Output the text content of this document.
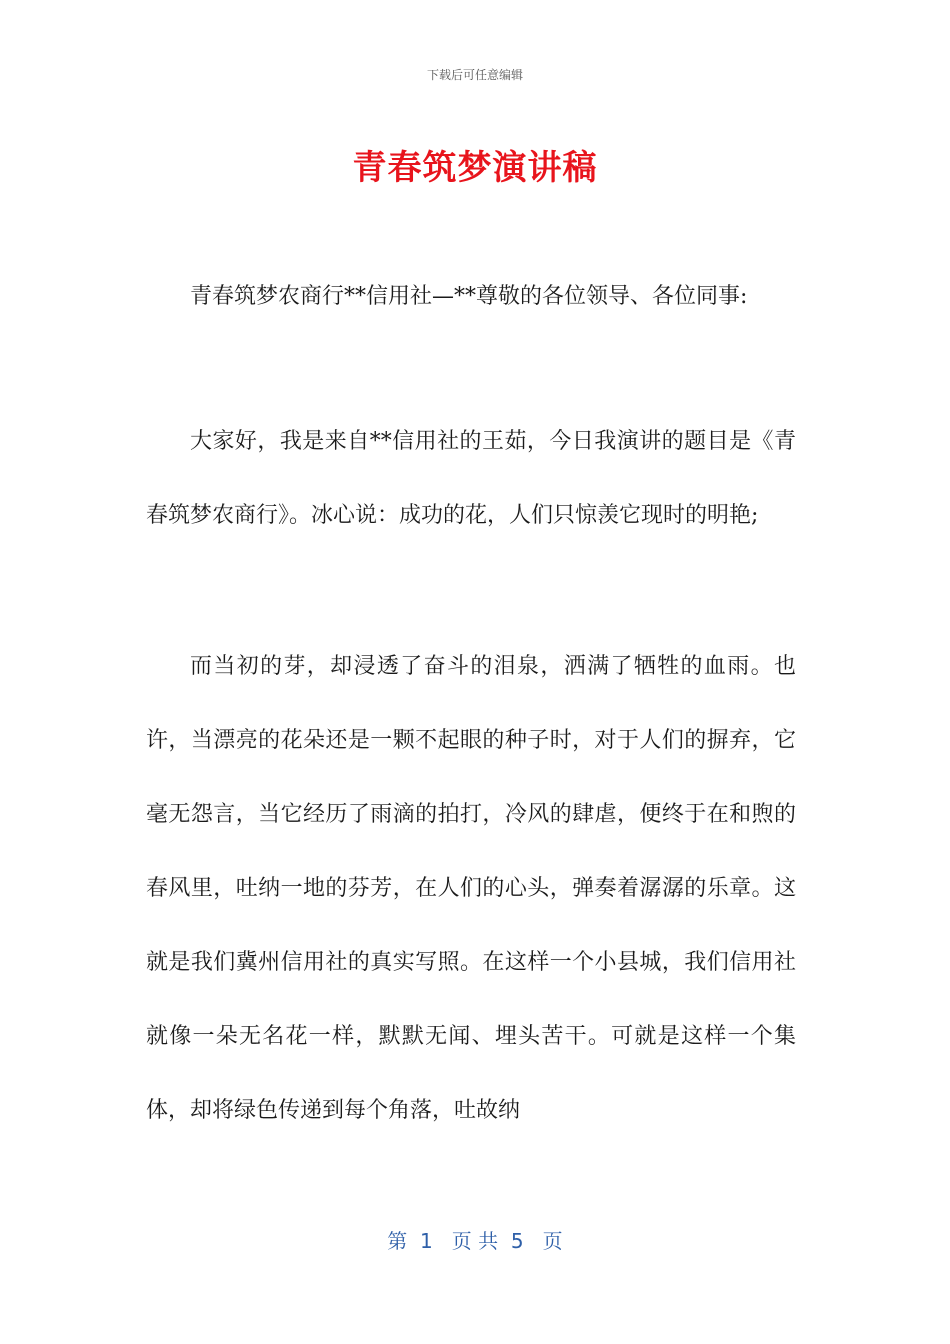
下载后可任意编辑
青春筑梦演讲稿
青春筑梦农商行**信用社—**尊敬的各位领导、各位同事:
大家好，我是来自**信用社的王茹，今日我演讲的题目是《青春筑梦农商行》。冰心说：成功的花，人们只惊羡它现时的明艳;
而当初的芽，却浸透了奋斗的泪泉，洒满了牺牲的血雨。也许，当漂亮的花朵还是一颗不起眼的种子时，对于人们的摒弃，它毫无怨言，当它经历了雨滴的拍打，冷风的肆虐，便终于在和煦的春风里，吐纳一地的芬芳，在人们的心头，弹奏着潺潺的乐章。这就是我们冀州信用社的真实写照。在这样一个小县城，我们信用社就像一朵无名花一样，默默无闻、埋头苦干。可就是这样一个集体，却将绿色传递到每个角落，吐故纳
第  1   页 共  5   页
